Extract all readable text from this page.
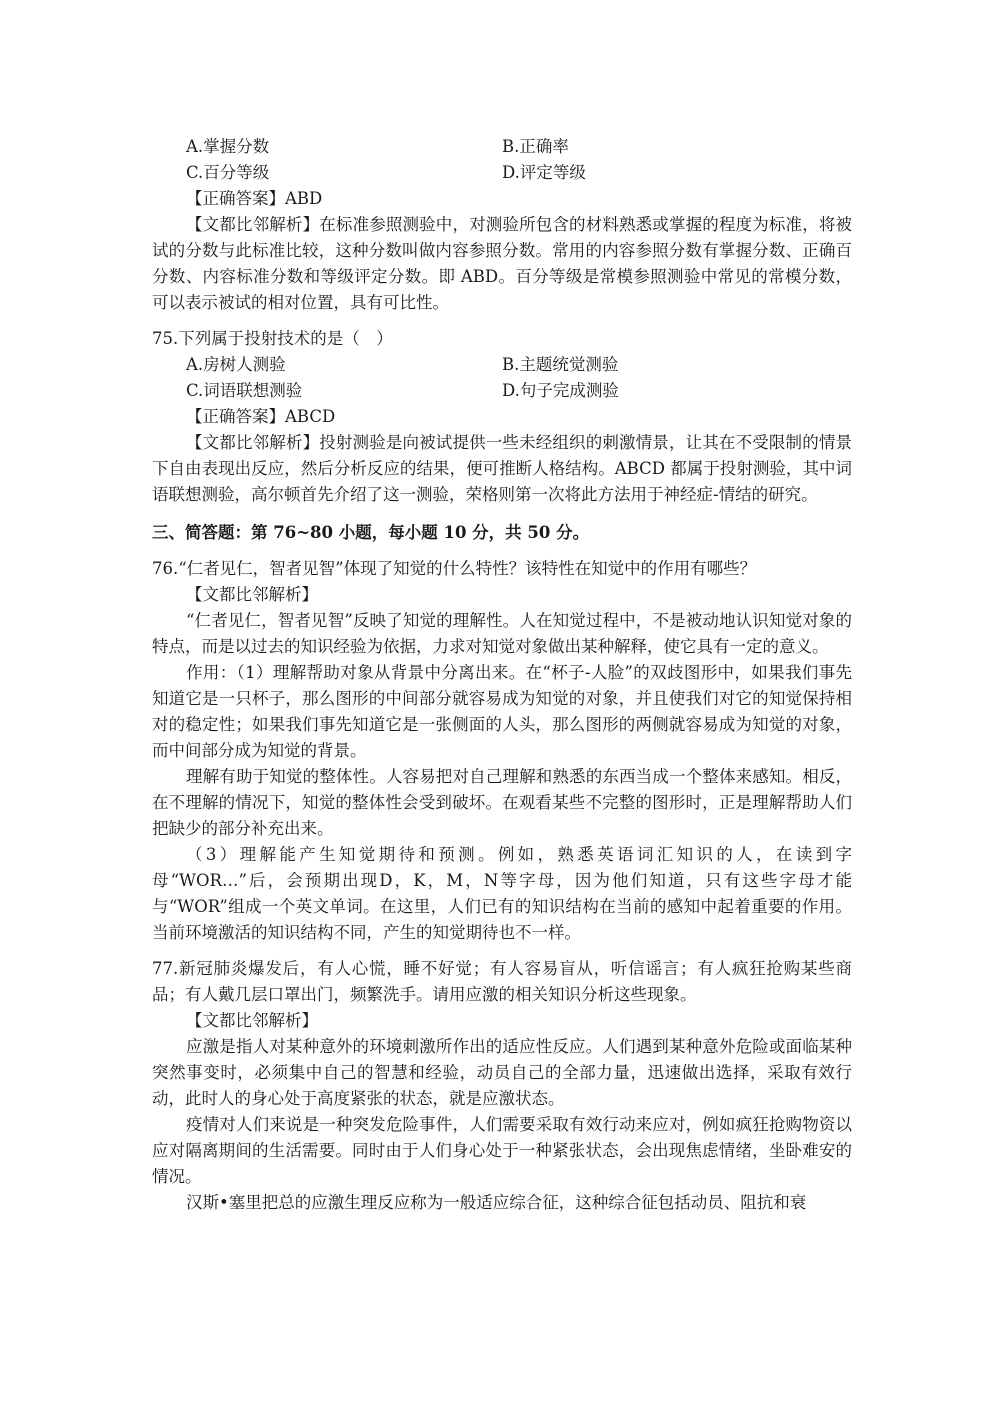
A.掌握分数	B.正确率
C.百分等级	D.评定等级

【正确答案】ABD

【文都比邻解析】在标准参照测验中，对测验所包含的材料熟悉或掌握的程度为标准，将被试的分数与此标准比较，这种分数叫做内容参照分数。常用的内容参照分数有掌握分数、正确百分数、内容标准分数和等级评定分数。即 ABD。百分等级是常模参照测验中常见的常模分数，可以表示被试的相对位置，具有可比性。

75.下列属于投射技术的是（　）

A.房树人测验	B.主题统觉测验
C.词语联想测验	D.句子完成测验

【正确答案】ABCD

【文都比邻解析】投射测验是向被试提供一些未经组织的刺激情景，让其在不受限制的情景下自由表现出反应，然后分析反应的结果，便可推断人格结构。ABCD 都属于投射测验，其中词语联想测验，高尔顿首先介绍了这一测验，荣格则第一次将此方法用于神经症-情结的研究。

三、简答题：第 76~80 小题，每小题 10 分，共 50 分。

76.“仁者见仁，智者见智”体现了知觉的什么特性？该特性在知觉中的作用有哪些？

【文都比邻解析】

“仁者见仁，智者见智”反映了知觉的理解性。人在知觉过程中，不是被动地认识知觉对象的特点，而是以过去的知识经验为依据，力求对知觉对象做出某种解释，使它具有一定的意义。

作用：（1）理解帮助对象从背景中分离出来。在“杯子-人脸”的双歧图形中，如果我们事先知道它是一只杯子，那么图形的中间部分就容易成为知觉的对象，并且使我们对它的知觉保持相对的稳定性；如果我们事先知道它是一张侧面的人头，那么图形的两侧就容易成为知觉的对象，而中间部分成为知觉的背景。

理解有助于知觉的整体性。人容易把对自己理解和熟悉的东西当成一个整体来感知。相反，在不理解的情况下，知觉的整体性会受到破坏。在观看某些不完整的图形时，正是理解帮助人们把缺少的部分补充出来。

（3）理解能产生知觉期待和预测。例如，熟悉英语词汇知识的人，在读到字母“WOR…”后，会预期出现D，K，M，N等字母，因为他们知道，只有这些字母才能与“WOR”组成一个英文单词。在这里，人们已有的知识结构在当前的感知中起着重要的作用。当前环境激活的知识结构不同，产生的知觉期待也不一样。

77.新冠肺炎爆发后，有人心慌，睡不好觉；有人容易盲从，听信谣言；有人疯狂抢购某些商品；有人戴几层口罩出门，频繁洗手。请用应激的相关知识分析这些现象。

【文都比邻解析】

应激是指人对某种意外的环境刺激所作出的适应性反应。人们遇到某种意外危险或面临某种突然事变时，必须集中自己的智慧和经验，动员自己的全部力量，迅速做出选择，采取有效行动，此时人的身心处于高度紧张的状态，就是应激状态。

疫情对人们来说是一种突发危险事件，人们需要采取有效行动来应对，例如疯狂抢购物资以应对隔离期间的生活需要。同时由于人们身心处于一种紧张状态，会出现焦虑情绪，坐卧难安的情况。

汉斯•塞里把总的应激生理反应称为一般适应综合征，这种综合征包括动员、阻抗和衰
